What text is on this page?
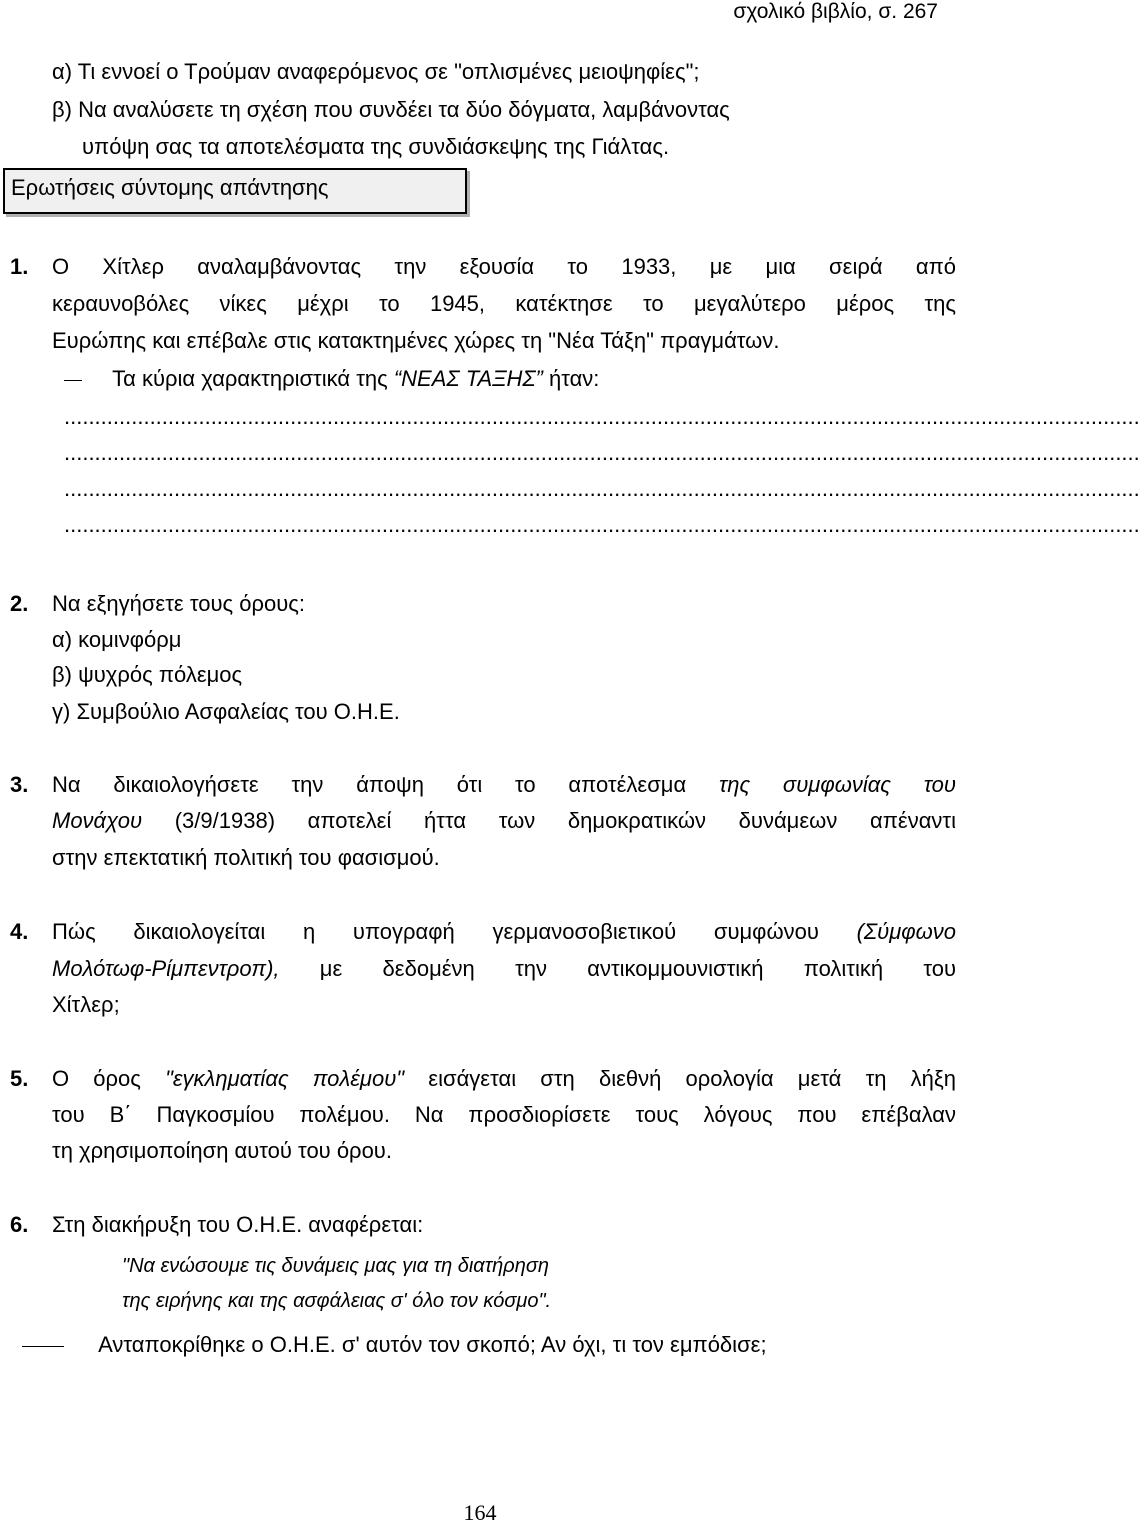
σχολικό βιβλίο, σ. 267
α) Τι εννοεί ο Τρούμαν αναφερόμενος σε "οπλισμένες μειοψηφίες";
β) Να αναλύσετε τη σχέση που συνδέει τα δύο δόγματα, λαμβάνοντας
υπόψη σας τα αποτελέσματα της συνδιάσκεψης της Γιάλτας.
Ερωτήσεις σύντομης απάντησης
1. Ο Χίτλερ αναλαμβάνοντας την εξουσία το 1933, με μια σειρά από
κεραυνοβόλες νίκες μέχρι το 1945, κατέκτησε το μεγαλύτερο μέρος της
Ευρώπης και επέβαλε στις κατακτημένες χώρες τη "Νέα Τάξη" πραγμάτων.
Τα κύρια χαρακτηριστικά της “ΝΕΑΣ ΤΑΞΗΣ” ήταν:
................................................................................................................................................................................
................................................................................................................................................................................
................................................................................................................................................................................
................................................................................................................................................................................
2. Να εξηγήσετε τους όρους:
α) κομινφόρμ
β) ψυχρός πόλεμος
γ) Συμβούλιο Ασφαλείας του Ο.Η.Ε.
3. Να δικαιολογήσετε την άποψη ότι το αποτέλεσμα της συμφωνίας του
Μονάχου (3/9/1938) αποτελεί ήττα των δημοκρατικών δυνάμεων απέναντι
στην επεκτατική πολιτική του φασισμού.
4. Πώς δικαιολογείται η υπογραφή γερμανοσοβιετικού συμφώνου (Σύμφωνο
Μολότωφ-Ρίμπεντροπ), με δεδομένη την αντικομμουνιστική πολιτική του
Χίτλερ;
5. Ο όρος "εγκληματίας πολέμου" εισάγεται στη διεθνή ορολογία μετά τη λήξη
του Β΄ Παγκοσμίου πολέμου. Να προσδιορίσετε τους λόγους που επέβαλαν
τη χρησιμοποίηση αυτού του όρου.
6. Στη διακήρυξη του Ο.Η.Ε. αναφέρεται:
"Να ενώσουμε τις δυνάμεις μας για τη διατήρηση
της ειρήνης και της ασφάλειας σ' όλο τον κόσμο".
Ανταποκρίθηκε ο Ο.Η.Ε. σ' αυτόν τον σκοπό; Αν όχι, τι τον εμπόδισε;
164
